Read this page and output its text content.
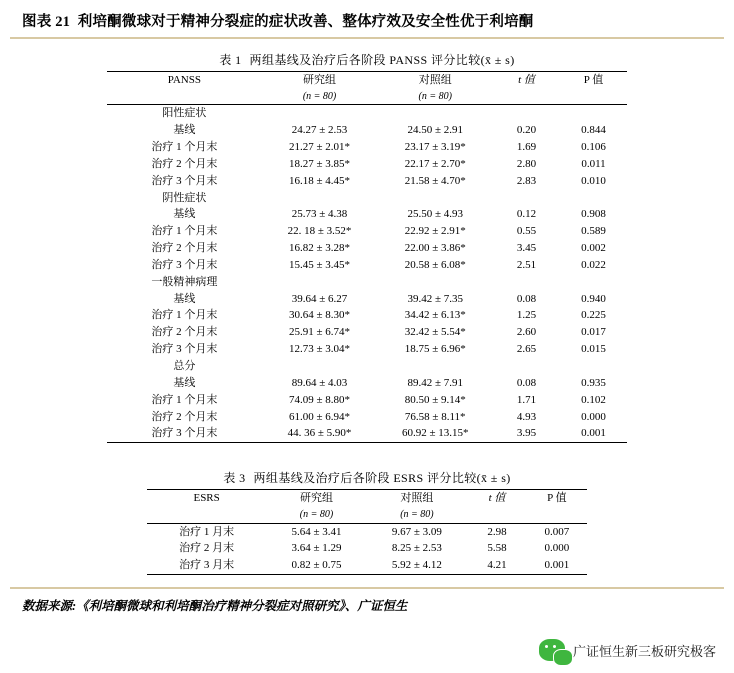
图表 21 利培酮微球对于精神分裂症的症状改善、整体疗效及安全性优于利培酮
表 1 两组基线及治疗后各阶段 PANSS 评分比较(x̄ ± s)
PANSS	研究组	对照组	t 值	P 值
	(n = 80)	(n = 80)		
阳性症状				
基线	24.27 ± 2.53	24.50 ± 2.91	0.20	0.844
治疗 1 个月末	21.27 ± 2.01*	23.17 ± 3.19*	1.69	0.106
治疗 2 个月末	18.27 ± 3.85*	22.17 ± 2.70*	2.80	0.011
治疗 3 个月末	16.18 ± 4.45*	21.58 ± 4.70*	2.83	0.010
阴性症状				
基线	25.73 ± 4.38	25.50 ± 4.93	0.12	0.908
治疗 1 个月末	22. 18 ± 3.52*	22.92 ± 2.91*	0.55	0.589
治疗 2 个月末	16.82 ± 3.28*	22.00 ± 3.86*	3.45	0.002
治疗 3 个月末	15.45 ± 3.45*	20.58 ± 6.08*	2.51	0.022
一般精神病理				
基线	39.64 ± 6.27	39.42 ± 7.35	0.08	0.940
治疗 1 个月末	30.64 ± 8.30*	34.42 ± 6.13*	1.25	0.225
治疗 2 个月末	25.91 ± 6.74*	32.42 ± 5.54*	2.60	0.017
治疗 3 个月末	12.73 ± 3.04*	18.75 ± 6.96*	2.65	0.015
总分				
基线	89.64 ± 4.03	89.42 ± 7.91	0.08	0.935
治疗 1 个月末	74.09 ± 8.80*	80.50 ± 9.14*	1.71	0.102
治疗 2 个月末	61.00 ± 6.94*	76.58 ± 8.11*	4.93	0.000
治疗 3 个月末	44. 36 ± 5.90*	60.92 ± 13.15*	3.95	0.001
表 3 两组基线及治疗后各阶段 ESRS 评分比较(x̄ ± s)
ESRS	研究组	对照组	t 值	P 值
	(n = 80)	(n = 80)		
治疗 1 月末	5.64 ± 3.41	9.67 ± 3.09	2.98	0.007
治疗 2 月末	3.64 ± 1.29	8.25 ± 2.53	5.58	0.000
治疗 3 月末	0.82 ± 0.75	5.92 ± 4.12	4.21	0.001
数据来源:《利培酮微球和利培酮治疗精神分裂症对照研究》、广证恒生
广证恒生新三板研究极客
